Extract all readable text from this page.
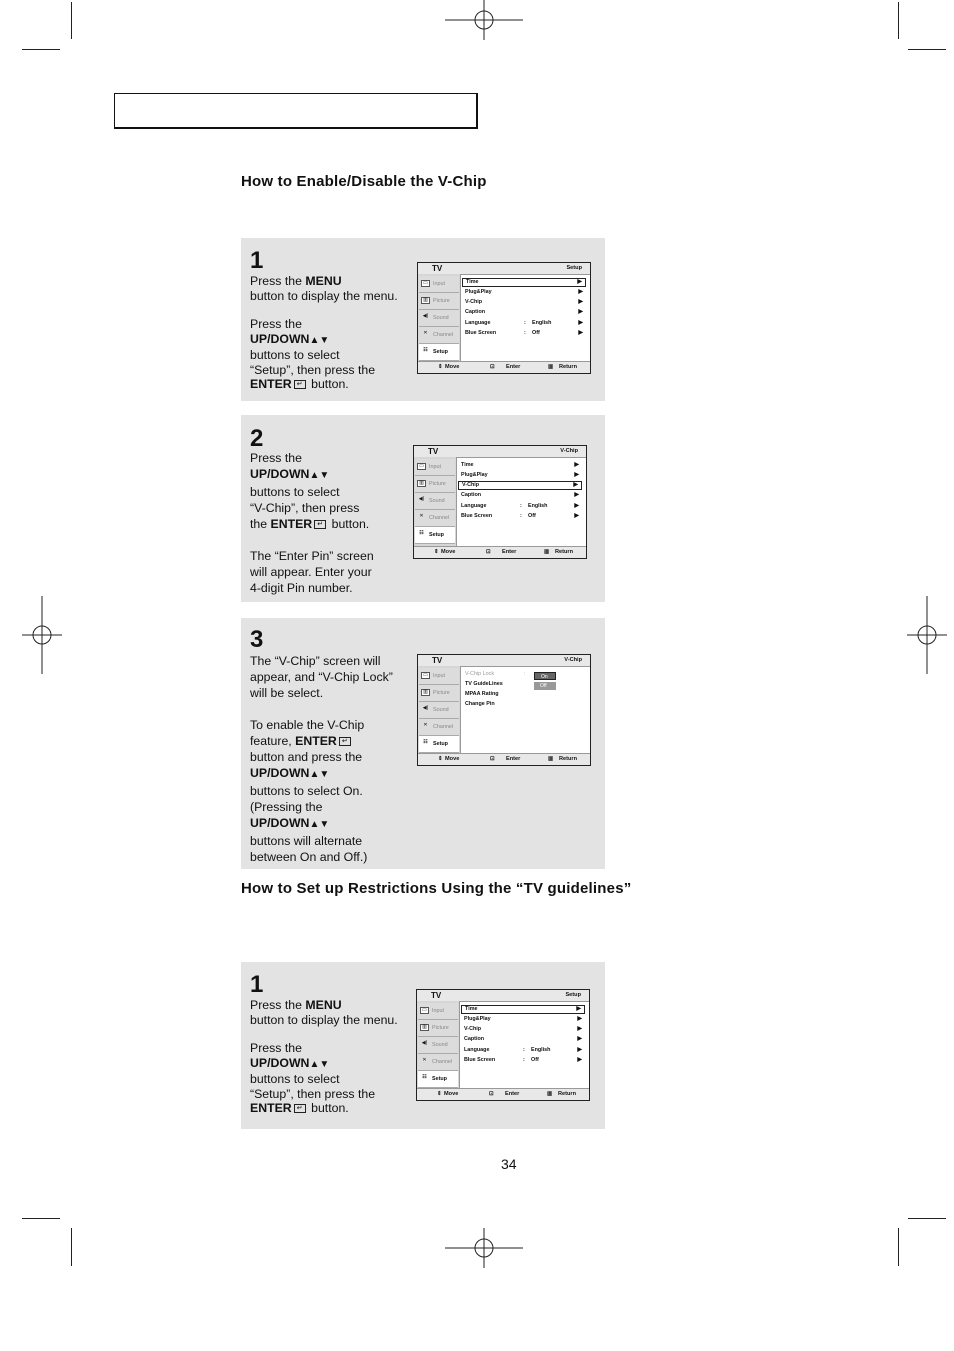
How to Enable/Disable the V-Chip
1

Press the MENU

button to display the menu.

Press the

UP/DOWN▲▼

buttons to select

“Setup”, then press the

ENTER ↵ button.

TV	Setup
▭ Input
▥ Picture
◀) Sound
✕	Channel
☷ Setup
Time	▶
Plug&Play	▶
V-Chip	▶
Caption	▶
Language	: English	▶
Blue Screen	: Off	▶
⇕ Move	⊡ Enter	▥ Return
2

Press the

UP/DOWN▲▼

buttons to select

“V-Chip”, then press

the ENTER ↵ button.

The “Enter Pin” screen

will appear. Enter your

4-digit Pin number.

TV	V-Chip
▭ Input
▥ Picture
◀) Sound
✕	Channel
☷ Setup
Time	▶
Plug&Play	▶
V-Chip	▶
Caption	▶
Language	: English	▶
Blue Screen	: Off	▶
⇕ Move	⊡ Enter	▥ Return
3

The “V-Chip” screen will

appear, and “V-Chip Lock”

will be select.

To enable the V-Chip

feature, ENTER ↵

button and press the

UP/DOWN▲▼

buttons to select On.

(Pressing the

UP/DOWN▲▼

buttons will alternate

between On and Off.)

TV	V-Chip
▭ Input
▥ Picture
◀) Sound
✕	Channel
☷ Setup
V-Chip Lock	:
TV GuideLines
MPAA Rating
Change Pin
On
Off
⇕ Move	⊡ Enter	▥ Return
How to Set up Restrictions Using the “TV guidelines”
1

Press the MENU

button to display the menu.

Press the

UP/DOWN▲▼

buttons to select

“Setup”, then press the

ENTER ↵ button.

TV	Setup
▭ Input
▥ Picture
◀) Sound
✕	Channel
☷ Setup
Time	▶
Plug&Play	▶
V-Chip	▶
Caption	▶
Language	: English	▶
Blue Screen	: Off	▶
⇕ Move	⊡ Enter	▥ Return
34
